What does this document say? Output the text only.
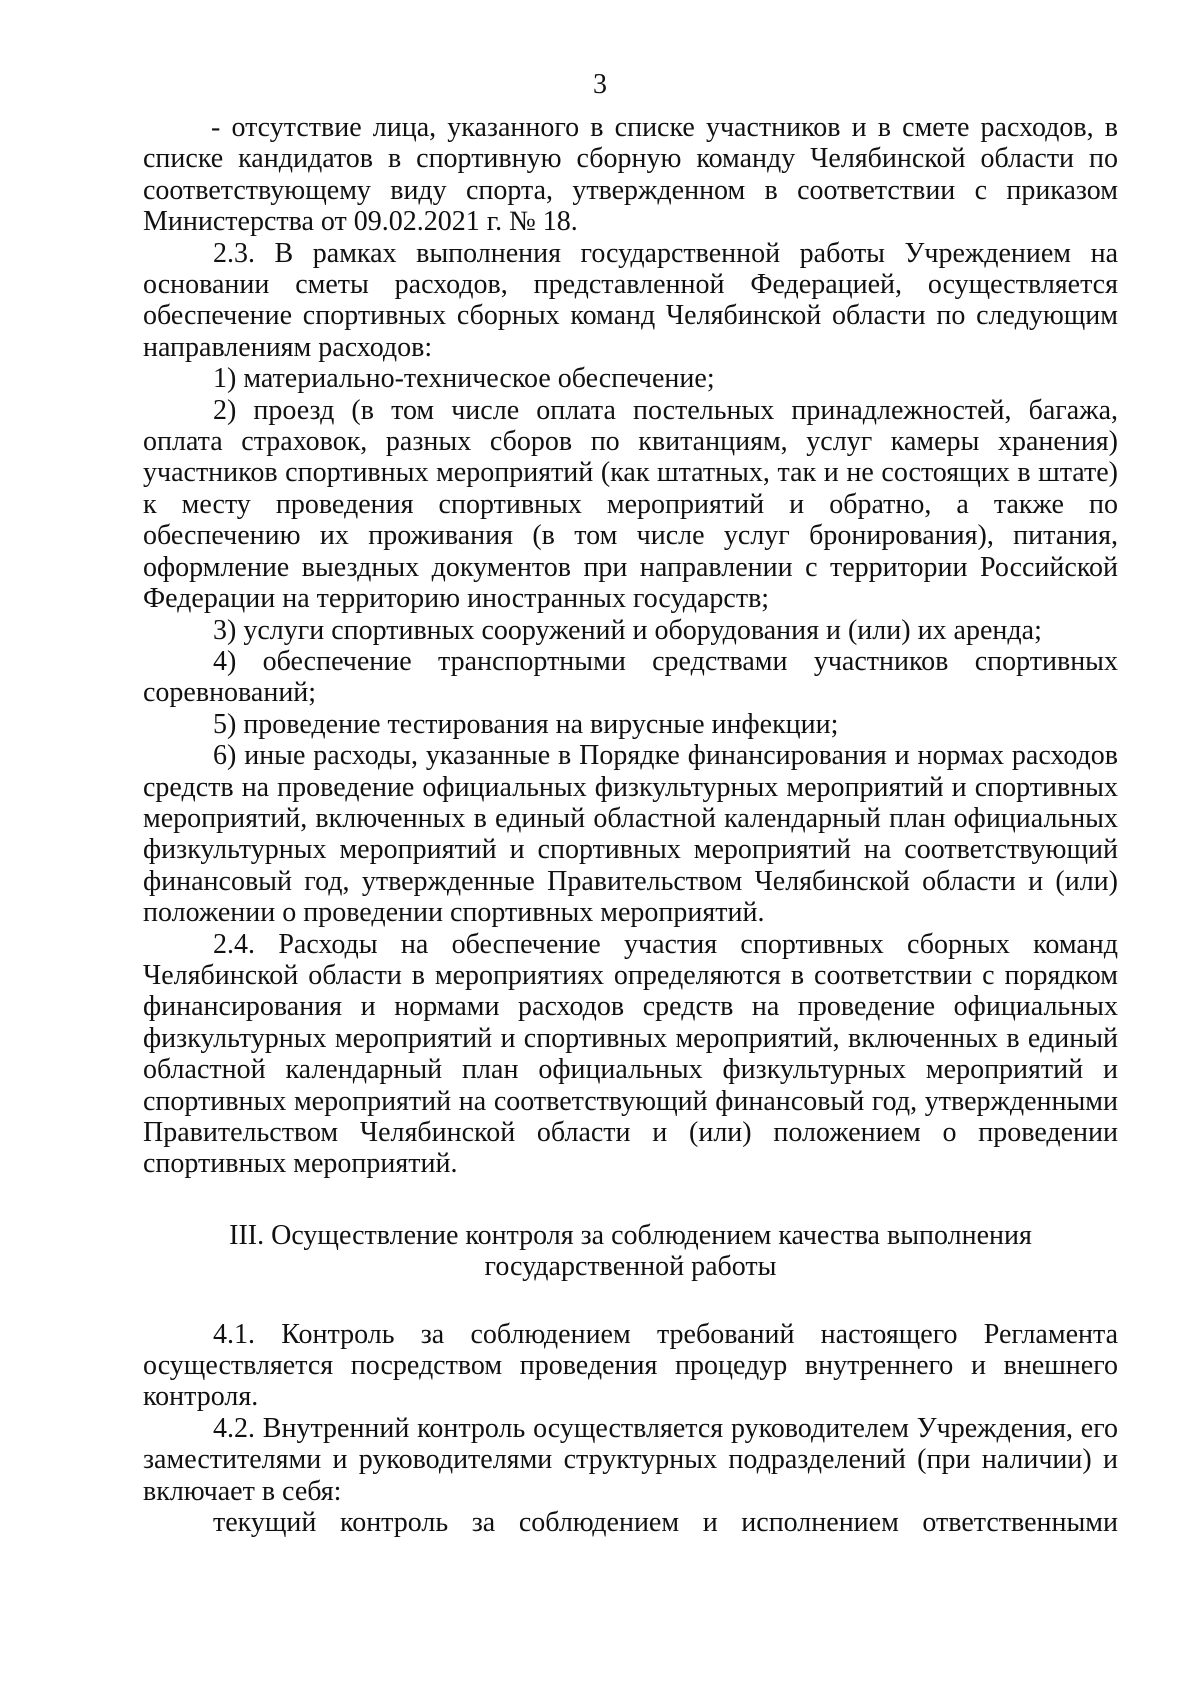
3

- отсутствие лица, указанного в списке участников и в смете расходов, в списке кандидатов в спортивную сборную команду Челябинской области по соответствующему виду спорта, утвержденном в соответствии с приказом Министерства от 09.02.2021 г. № 18.

2.3. В рамках выполнения государственной работы Учреждением на основании сметы расходов, представленной Федерацией, осуществляется обеспечение спортивных сборных команд Челябинской области по следующим направлениям расходов:

1) материально-техническое обеспечение;

2) проезд (в том числе оплата постельных принадлежностей, багажа, оплата страховок, разных сборов по квитанциям, услуг камеры хранения) участников спортивных мероприятий (как штатных, так и не состоящих в штате) к месту проведения спортивных мероприятий и обратно, а также по обеспечению их проживания (в том числе услуг бронирования), питания, оформление выездных документов при направлении с территории Российской Федерации на территорию иностранных государств;

3) услуги спортивных сооружений и оборудования и (или) их аренда;

4) обеспечение транспортными средствами участников спортивных соревнований;

5) проведение тестирования на вирусные инфекции;

6) иные расходы, указанные в Порядке финансирования и нормах расходов средств на проведение официальных физкультурных мероприятий и спортивных мероприятий, включенных в единый областной календарный план официальных физкультурных мероприятий и спортивных мероприятий на соответствующий финансовый год, утвержденные Правительством Челябинской области и (или) положении о проведении спортивных мероприятий.

2.4. Расходы на обеспечение участия спортивных сборных команд Челябинской области в мероприятиях определяются в соответствии с порядком финансирования и нормами расходов средств на проведение официальных физкультурных мероприятий и спортивных мероприятий, включенных в единый областной календарный план официальных физкультурных мероприятий и спортивных мероприятий на соответствующий финансовый год, утвержденными Правительством Челябинской области и (или) положением о проведении спортивных мероприятий.

III. Осуществление контроля за соблюдением качества выполнения
государственной работы

4.1. Контроль за соблюдением требований настоящего Регламента осуществляется посредством проведения процедур внутреннего и внешнего контроля.

4.2. Внутренний контроль осуществляется руководителем Учреждения, его заместителями и руководителями структурных подразделений (при наличии) и включает в себя:

текущий контроль за соблюдением и исполнением ответственными
